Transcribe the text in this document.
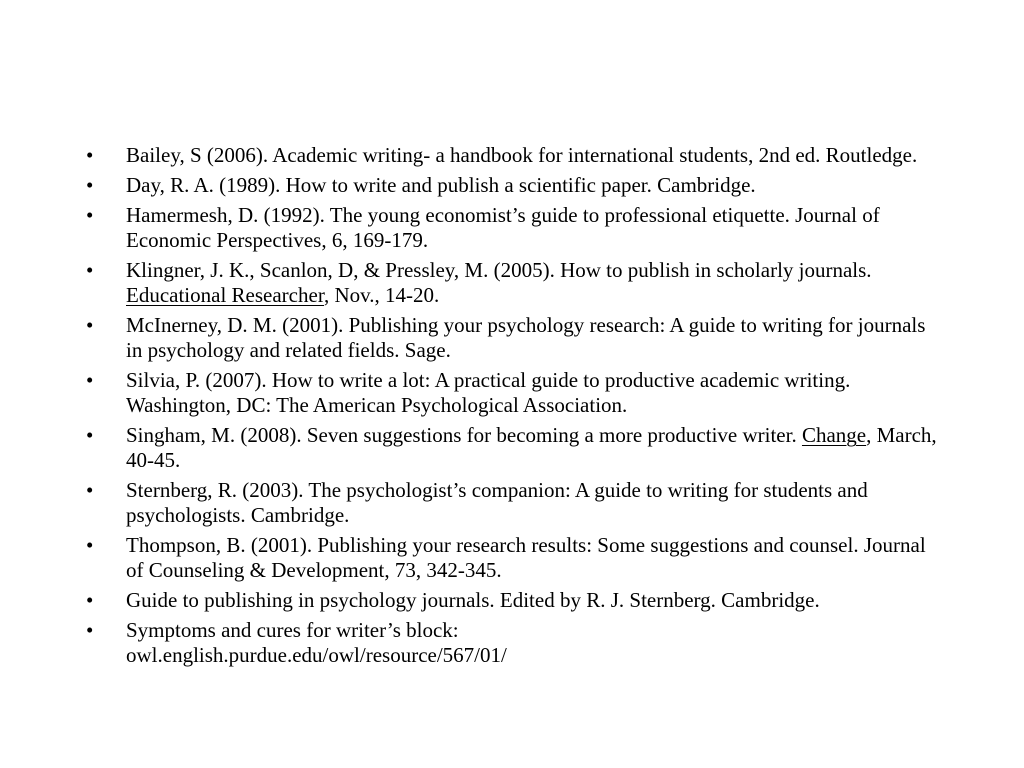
• Bailey, S (2006). Academic writing- a handbook for international students, 2nd ed. Routledge.
• Day, R. A. (1989). How to write and publish a scientific paper. Cambridge.
• Hamermesh, D. (1992). The young economist’s guide to professional etiquette. Journal of Economic Perspectives, 6, 169-179.
• Klingner, J. K., Scanlon, D, & Pressley, M. (2005). How to publish in scholarly journals. Educational Researcher, Nov., 14-20.
• McInerney, D. M. (2001). Publishing your psychology research: A guide to writing for journals in psychology and related fields. Sage.
• Silvia, P. (2007). How to write a lot: A practical guide to productive academic writing. Washington, DC: The American Psychological Association.
• Singham, M. (2008). Seven suggestions for becoming a more productive writer. Change, March, 40-45.
• Sternberg, R. (2003). The psychologist’s companion: A guide to writing for students and psychologists. Cambridge.
• Thompson, B. (2001). Publishing your research results: Some suggestions and counsel. Journal of Counseling & Development, 73, 342-345.
• Guide to publishing in psychology journals. Edited by R. J. Sternberg. Cambridge.
• Symptoms and cures for writer’s block:
owl.english.purdue.edu/owl/resource/567/01/
